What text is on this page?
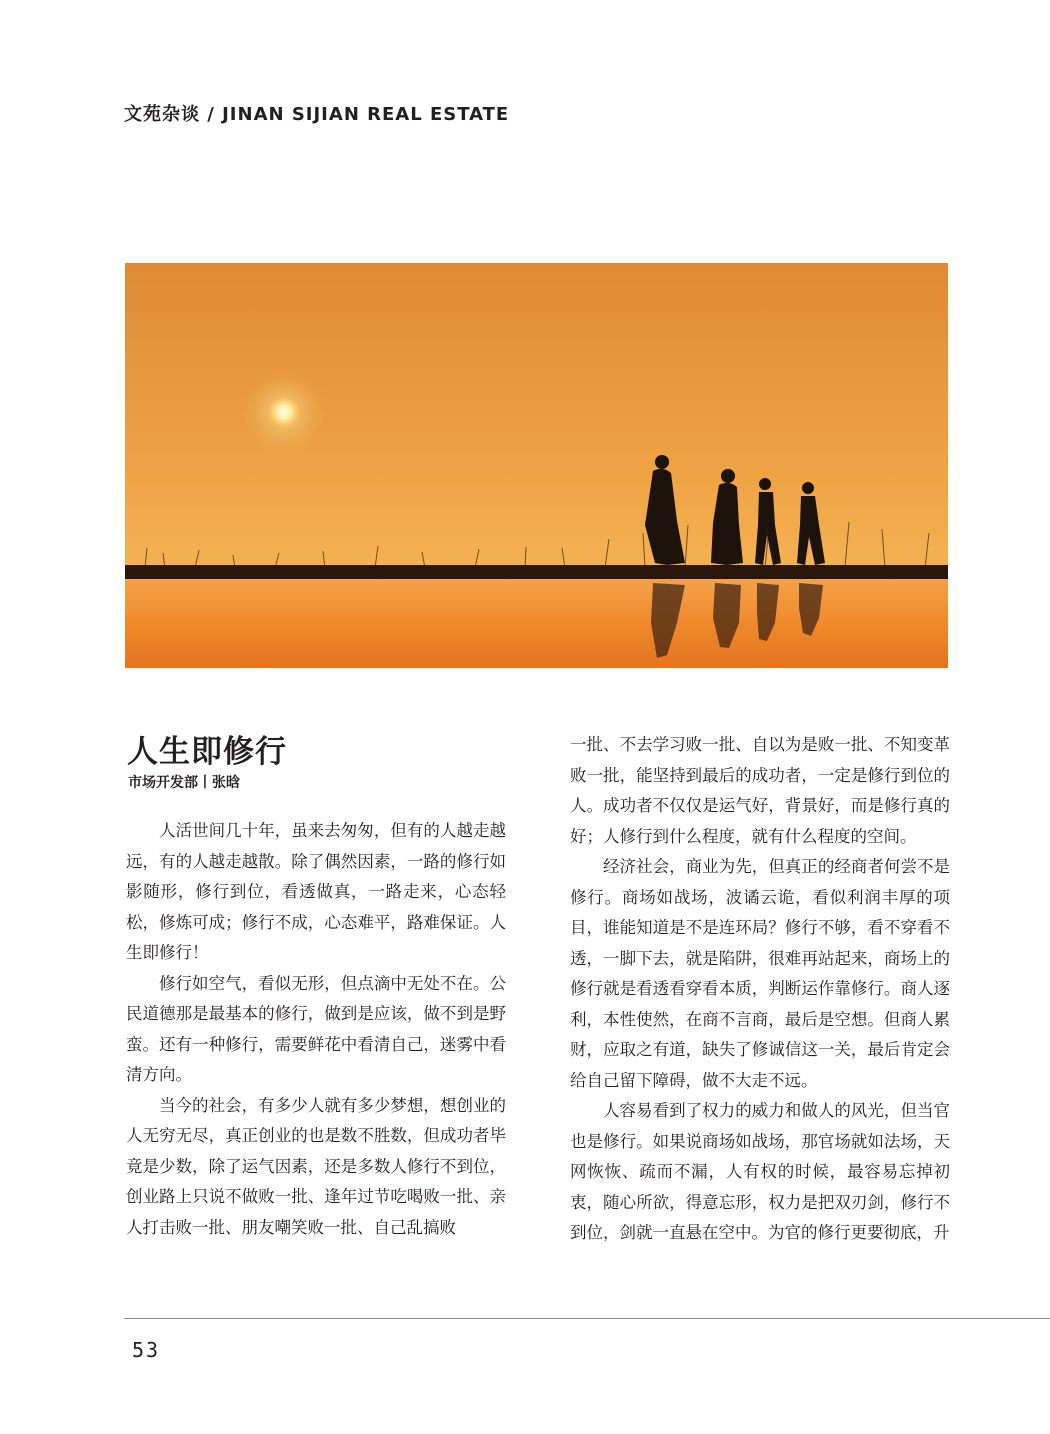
文苑杂谈 / JINAN SIJIAN REAL ESTATE
人生即修行
市场开发部丨张晗

人活世间几十年，虽来去匆匆，但有的人越走越远，有的人越走越散。除了偶然因素，一路的修行如影随形，修行到位，看透做真，一路走来，心态轻松，修炼可成；修行不成，心态难平，路难保证。人生即修行！

修行如空气，看似无形，但点滴中无处不在。公民道德那是最基本的修行，做到是应该，做不到是野蛮。还有一种修行，需要鲜花中看清自己，迷雾中看清方向。

当今的社会，有多少人就有多少梦想，想创业的人无穷无尽，真正创业的也是数不胜数，但成功者毕竟是少数，除了运气因素，还是多数人修行不到位，创业路上只说不做败一批、逢年过节吃喝败一批、亲人打击败一批、朋友嘲笑败一批、自己乱搞败

一批、不去学习败一批、自以为是败一批、不知变革败一批，能坚持到最后的成功者，一定是修行到位的人。成功者不仅仅是运气好，背景好，而是修行真的好；人修行到什么程度，就有什么程度的空间。

经济社会，商业为先，但真正的经商者何尝不是修行。商场如战场，波谲云诡，看似利润丰厚的项目，谁能知道是不是连环局？修行不够，看不穿看不透，一脚下去，就是陷阱，很难再站起来，商场上的修行就是看透看穿看本质，判断运作靠修行。商人逐利，本性使然，在商不言商，最后是空想。但商人累财，应取之有道，缺失了修诚信这一关，最后肯定会给自己留下障碍，做不大走不远。

人容易看到了权力的威力和做人的风光，但当官也是修行。如果说商场如战场，那官场就如法场，天网恢恢、疏而不漏，人有权的时候，最容易忘掉初衷，随心所欲，得意忘形，权力是把双刃剑，修行不到位，剑就一直悬在空中。为官的修行更要彻底，升

53
